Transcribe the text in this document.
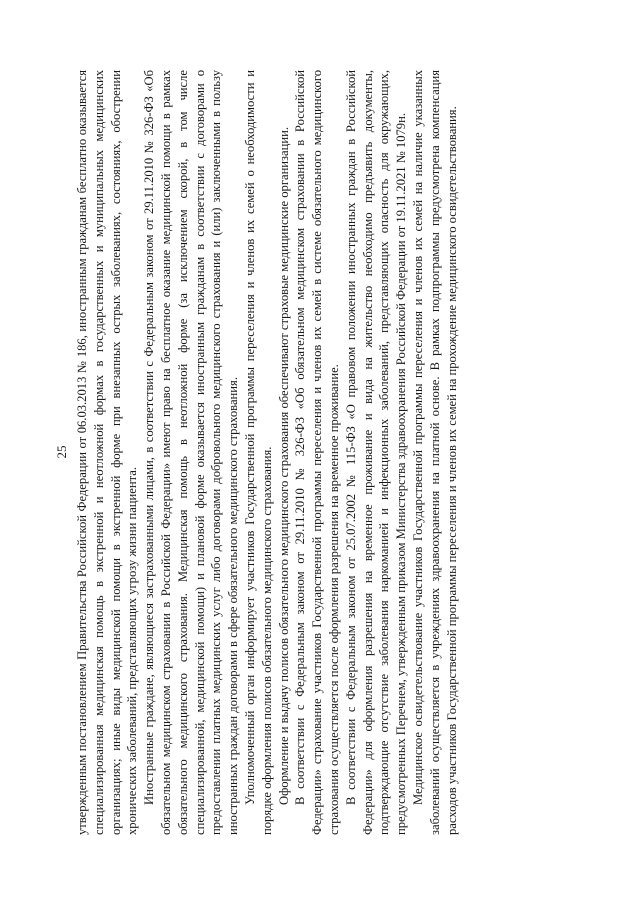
25 утвержденным постановлением Правительства Российской Федерации от 06.03.2013 № 186, иностранным гражданам бесплатно оказывается специализированная медицинская помощь в экстренной и неотложной формах в государственных и муниципальных медицинских организациях; иные виды медицинской помощи в экстренной форме при внезапных острых заболеваниях, состояниях, обострении хронических заболеваний, представляющих угрозу жизни пациента. Иностранные граждане, являющиеся застрахованными лицами, в соответствии с Федеральным законом от 29.11.2010 № 326-ФЗ «Об обязательном медицинском страховании в Российской Федерации» имеют право на бесплатное оказание медицинской помощи в рамках обязательного медицинского страхования. Медицинская помощь в неотложной форме (за исключением скорой, в том числе специализированной, медицинской помощи) и плановой форме оказывается иностранным гражданам в соответствии с договорами о предоставлении платных медицинских услуг либо договорами добровольного медицинского страхования и (или) заключенными в пользу иностранных граждан договорами в сфере обязательного медицинского страхования. Уполномоченный орган информирует участников Государственной программы переселения и членов их семей о необходимости и порядке оформления полисов обязательного медицинского страхования. Оформление и выдачу полисов обязательного медицинского страхования обеспечивают страховые медицинские организации. В соответствии с Федеральным законом от 29.11.2010 № 326-ФЗ «Об обязательном медицинском страховании в Российской Федерации» страхование участников Государственной программы переселения и членов их семей в системе обязательного медицинского страхования осуществляется после оформления разрешения на временное проживание. В соответствии с Федеральным законом от 25.07.2002 № 115-ФЗ «О правовом положении иностранных граждан в Российской Федерации» для оформления разрешения на временное проживание и вида на жительство необходимо предъявить документы, подтверждающие отсутствие заболевания наркоманией и инфекционных заболеваний, представляющих опасность для окружающих, предусмотренных Перечнем, утвержденным приказом Министерства здравоохранения Российской Федерации от 19.11.2021 № 1079н. Медицинское освидетельствование участников Государственной программы переселения и членов их семей на наличие указанных заболеваний осуществляется в учреждениях здравоохранения на платной основе. В рамках подпрограммы предусмотрена компенсация расходов участников Государственной программы переселения и членов их семей на прохождение медицинского освидетельствования.
